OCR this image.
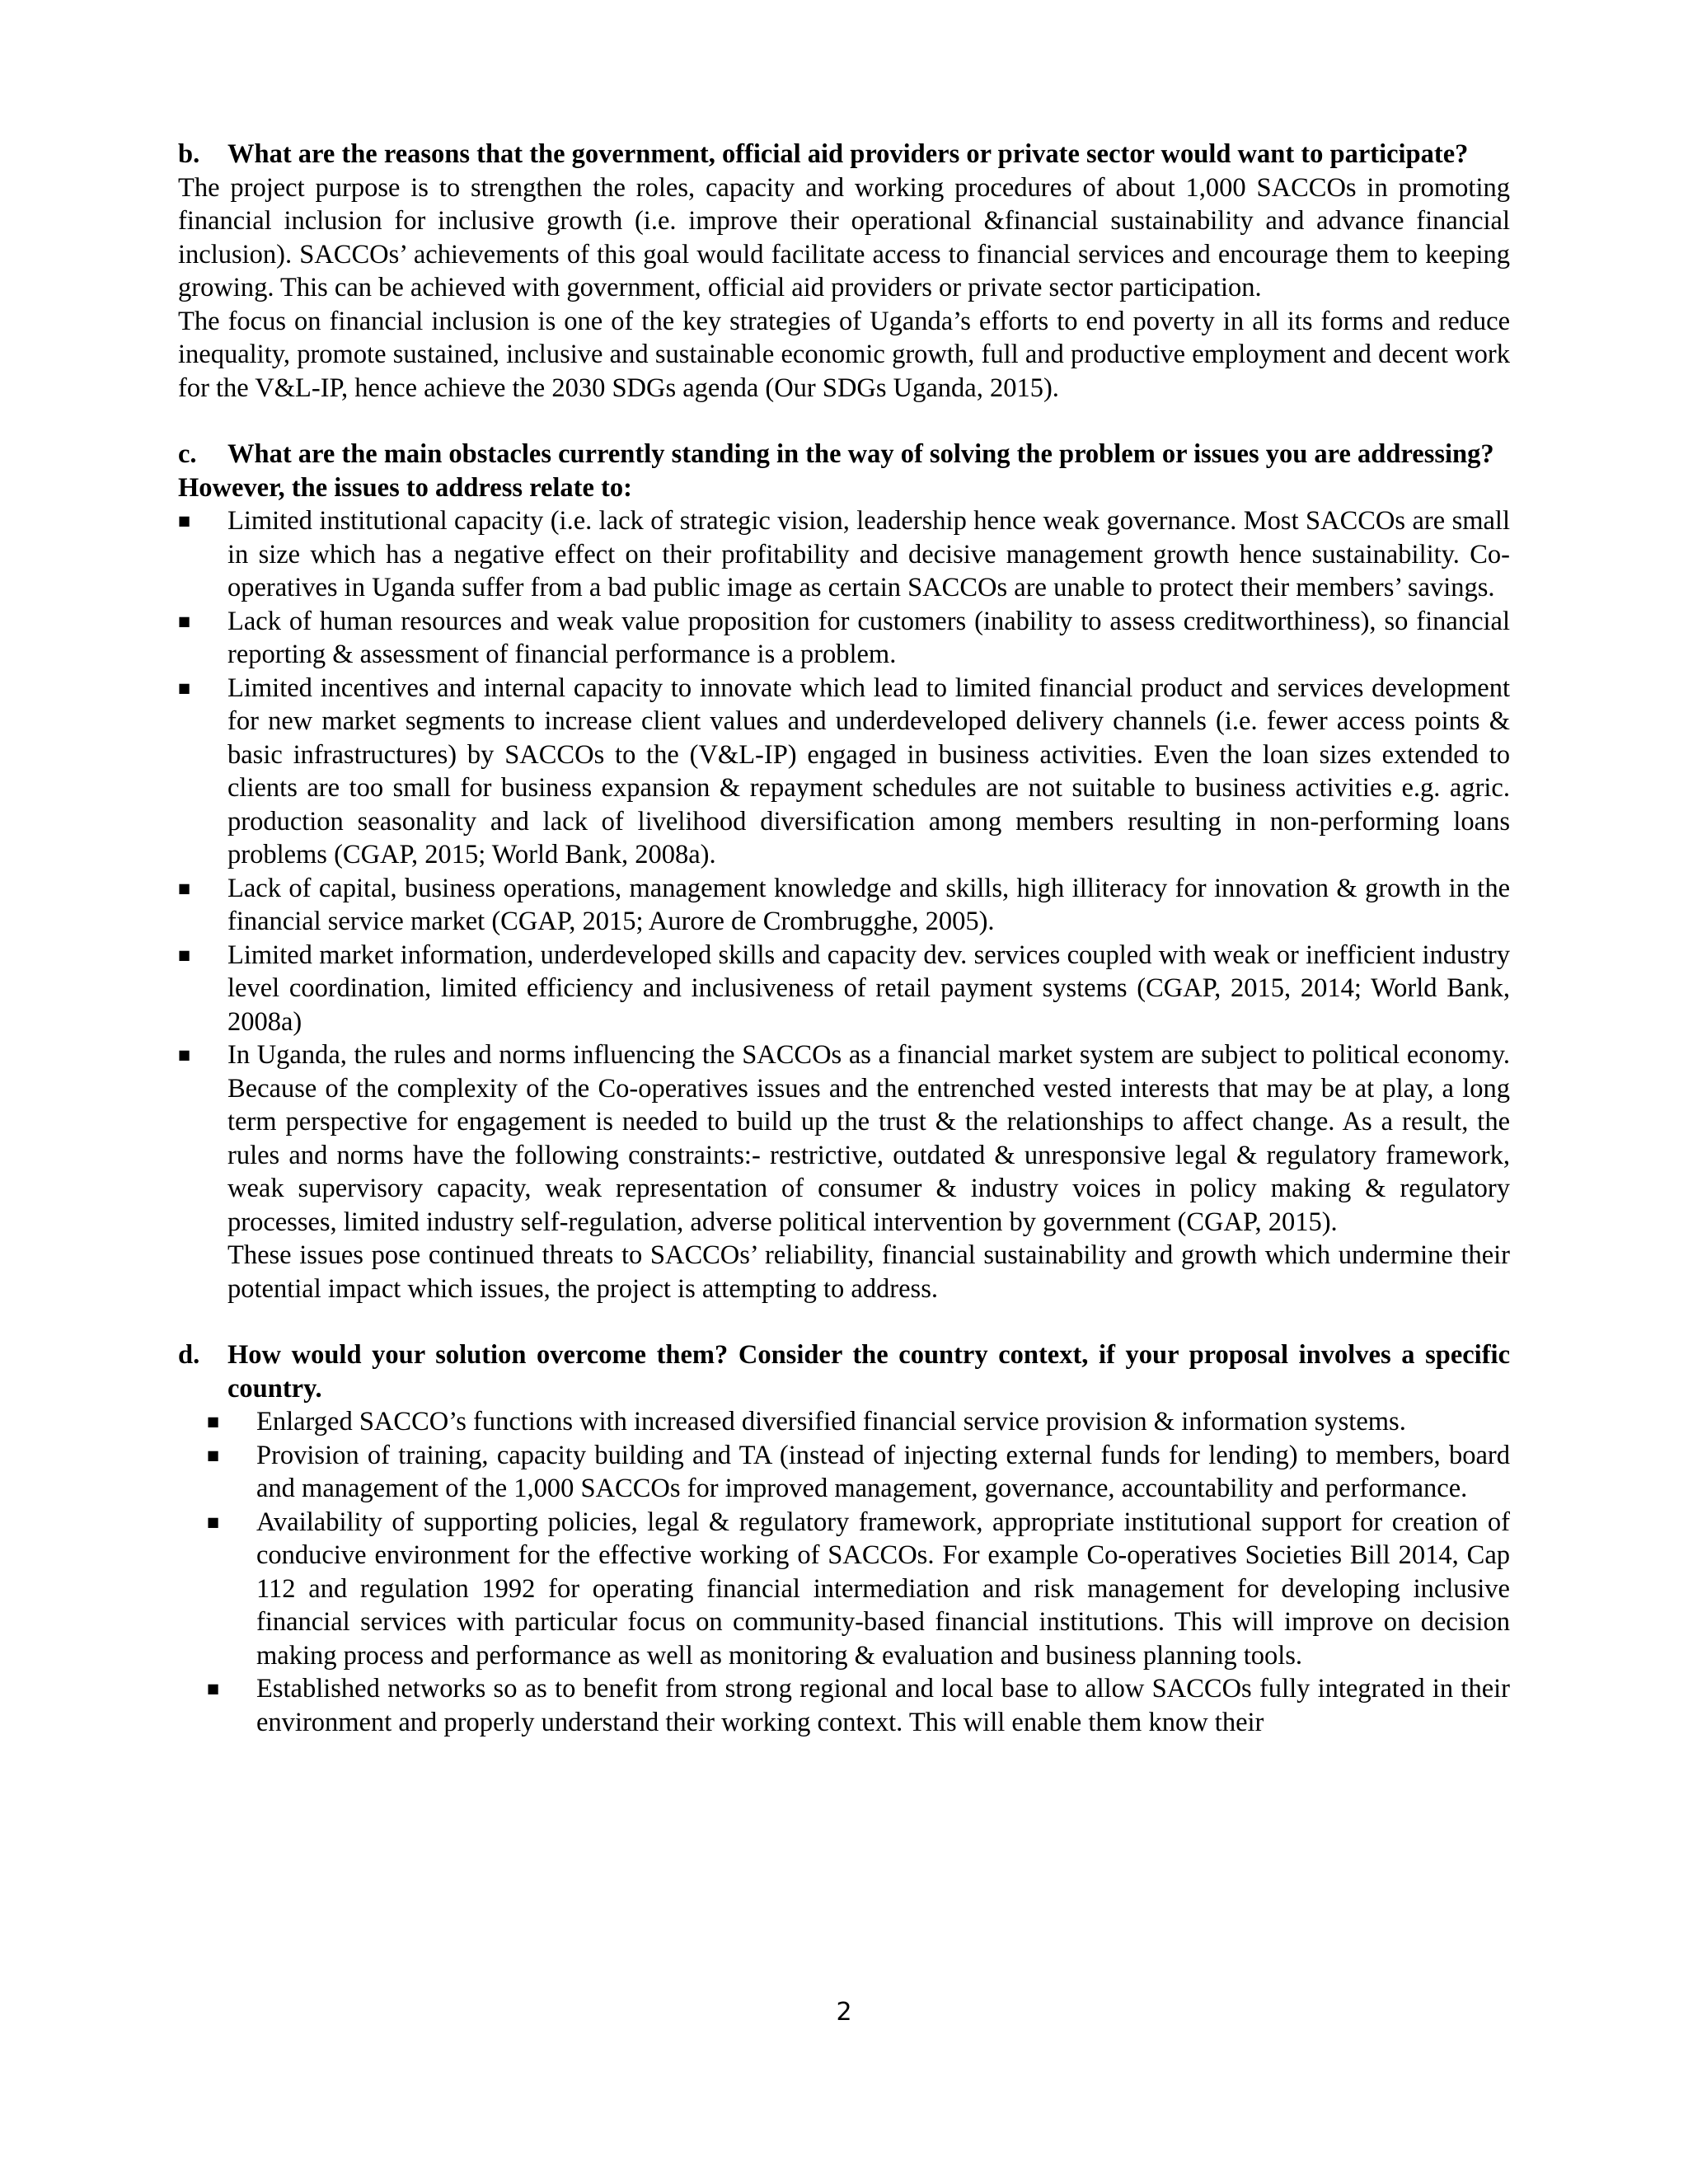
b.	What are the reasons that the government, official aid providers or private sector would want to participate?

The project purpose is to strengthen the roles, capacity and working procedures of about 1,000 SACCOs in promoting financial inclusion for inclusive growth (i.e. improve their operational &financial sustainability and advance financial inclusion). SACCOs’ achievements of this goal would facilitate access to financial services and encourage them to keeping growing. This can be achieved with government, official aid providers or private sector participation.

The focus on financial inclusion is one of the key strategies of Uganda’s efforts to end poverty in all its forms and reduce inequality, promote sustained, inclusive and sustainable economic growth, full and productive employment and decent work for the V&L-IP, hence achieve the 2030 SDGs agenda (Our SDGs Uganda, 2015).

c.	What are the main obstacles currently standing in the way of solving the problem or issues you are addressing?

However, the issues to address relate to:

■ Limited institutional capacity (i.e. lack of strategic vision, leadership hence weak governance. Most SACCOs are small in size which has a negative effect on their profitability and decisive management growth hence sustainability. Co-operatives in Uganda suffer from a bad public image as certain SACCOs are unable to protect their members’ savings.
■ Lack of human resources and weak value proposition for customers (inability to assess creditworthiness), so financial reporting & assessment of financial performance is a problem.
■ Limited incentives and internal capacity to innovate which lead to limited financial product and services development for new market segments to increase client values and underdeveloped delivery channels (i.e. fewer access points & basic infrastructures) by SACCOs to the (V&L-IP) engaged in business activities. Even the loan sizes extended to clients are too small for business expansion & repayment schedules are not suitable to business activities e.g. agric. production seasonality and lack of livelihood diversification among members resulting in non-performing loans problems (CGAP, 2015; World Bank, 2008a).
■ Lack of capital, business operations, management knowledge and skills, high illiteracy for innovation & growth in the financial service market (CGAP, 2015; Aurore de Crombrugghe, 2005).
■ Limited market information, underdeveloped skills and capacity dev. services coupled with weak or inefficient industry level coordination, limited efficiency and inclusiveness of retail payment systems (CGAP, 2015, 2014; World Bank, 2008a)
■ In Uganda, the rules and norms influencing the SACCOs as a financial market system are subject to political economy. Because of the complexity of the Co-operatives issues and the entrenched vested interests that may be at play, a long term perspective for engagement is needed to build up the trust & the relationships to affect change. As a result, the rules and norms have the following constraints:- restrictive, outdated & unresponsive legal & regulatory framework, weak supervisory capacity, weak representation of consumer & industry voices in policy making & regulatory processes, limited industry self-regulation, adverse political intervention by government (CGAP, 2015).

These issues pose continued threats to SACCOs’ reliability, financial sustainability and growth which undermine their potential impact which issues, the project is attempting to address.

d.	How would your solution overcome them? Consider the country context, if your proposal involves a specific country.
■ Enlarged SACCO’s functions with increased diversified financial service provision & information systems.
■ Provision of training, capacity building and TA (instead of injecting external funds for lending) to members, board and management of the 1,000 SACCOs for improved management, governance, accountability and performance.
■ Availability of supporting policies, legal & regulatory framework, appropriate institutional support for creation of conducive environment for the effective working of SACCOs. For example Co-operatives Societies Bill 2014, Cap 112 and regulation 1992 for operating financial intermediation and risk management for developing inclusive financial services with particular focus on community-based financial institutions. This will improve on decision making process and performance as well as monitoring & evaluation and business planning tools.
■ Established networks so as to benefit from strong regional and local base to allow SACCOs fully integrated in their environment and properly understand their working context. This will enable them know their
2
